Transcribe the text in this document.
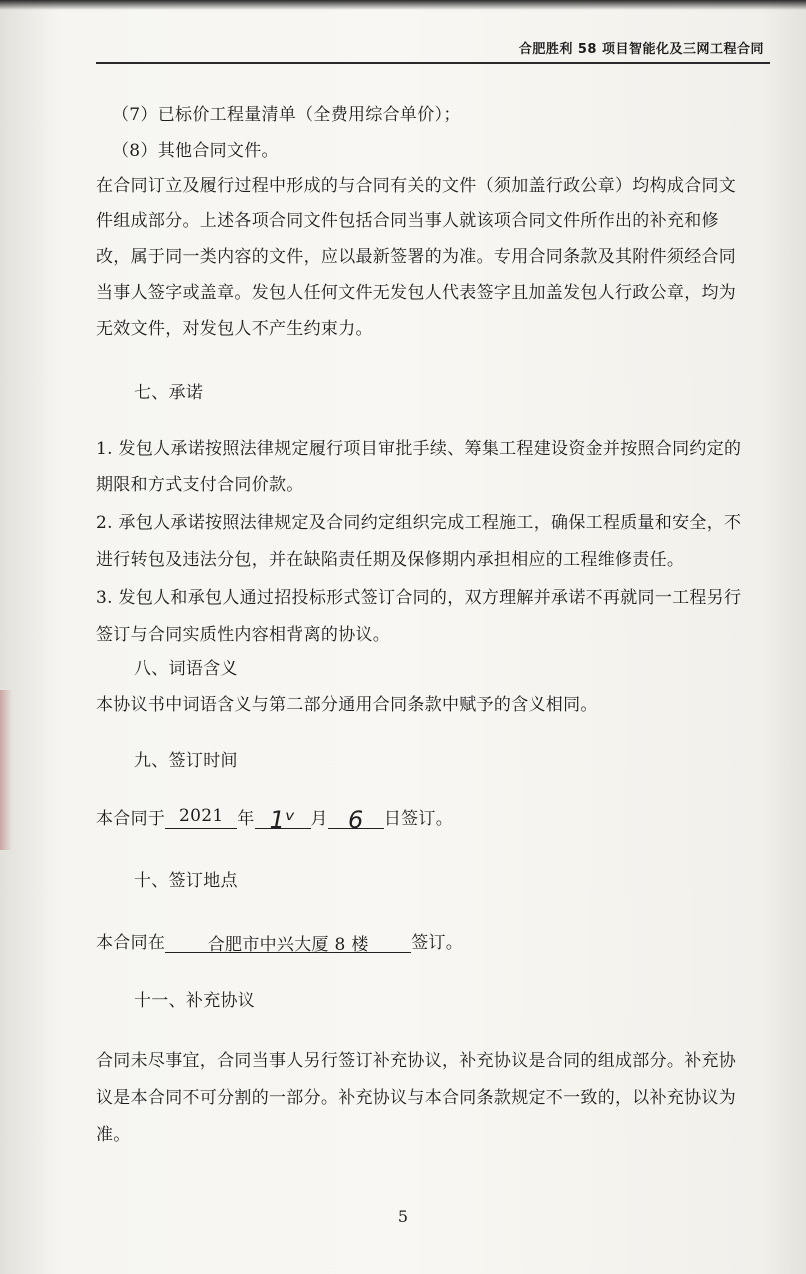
合肥胜利 58 项目智能化及三网工程合同
（7）已标价工程量清单（全费用综合单价）；
（8）其他合同文件。
在合同订立及履行过程中形成的与合同有关的文件（须加盖行政公章）均构成合同文
件组成部分。上述各项合同文件包括合同当事人就该项合同文件所作出的补充和修
改，属于同一类内容的文件，应以最新签署的为准。专用合同条款及其附件须经合同
当事人签字或盖章。发包人任何文件无发包人代表签字且加盖发包人行政公章，均为
无效文件，对发包人不产生约束力。
七、承诺
1. 发包人承诺按照法律规定履行项目审批手续、筹集工程建设资金并按照合同约定的
期限和方式支付合同价款。
2. 承包人承诺按照法律规定及合同约定组织完成工程施工，确保工程质量和安全，不
进行转包及违法分包，并在缺陷责任期及保修期内承担相应的工程维修责任。
3. 发包人和承包人通过招投标形式签订合同的，双方理解并承诺不再就同一工程另行
签订与合同实质性内容相背离的协议。
八、词语含义
本协议书中词语含义与第二部分通用合同条款中赋予的含义相同。
九、签订时间
本合同于 2021 年 1ᵛ 月 6 日签订。
十、签订地点
本合同在	合肥市中兴大厦 8 楼	签订。
十一、补充协议
合同未尽事宜，合同当事人另行签订补充协议，补充协议是合同的组成部分。补充协
议是本合同不可分割的一部分。补充协议与本合同条款规定不一致的，以补充协议为
准。
5
